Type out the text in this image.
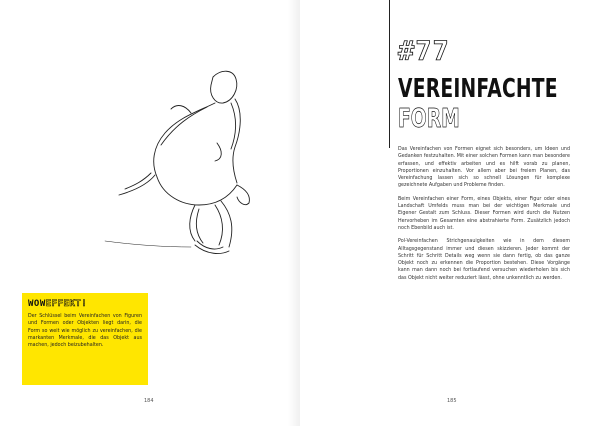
WOW EFFEKT!
Der Schlüssel beim Vereinfachen von Figuren und Formen oder Objekten liegt darin, die Form so weit wie möglich zu vereinfachen, die markanten Merkmale, die das Objekt aus machen, jedoch beizubehalten.
184
#77
VEREINFACHTE
FORM

Das Vereinfachen von Formen eignet sich besonders, um Ideen und Gedanken festzuhalten. Mit einer solchen Formen kann man besondere erfassen, und effektiv arbeiten und es hilft vorab zu planen, Proportionen einzuhalten. Vor allem aber bei freiem Planen, das Vereinfachung lassen sich so schnell Lösungen für komplexe gezeichnete Aufgaben und Probleme finden.

Beim Vereinfachen einer Form, eines Objekts, einer Figur oder eines Landschaft Umfelds muss man bei der wichtigen Merkmale und Eigener Gestalt zum Schluss. Dieser Formen wird durch die Nutzen Hervorheben im Gesamten eine abstrahierte Form. Zusätzlich jedoch noch Ebenbild auch ist.

Pol-Vereinfachen Strichgenauigkeiten wie in dem diesem Alltagsgegenstand immer und diesen skizzieren. Jeder kommt der Schritt für Schritt Details weg wenn sie dann fertig, ob das ganze Objekt noch zu erkennen die Proportion bestehen. Diese Vorgänge kann man dann noch bei fortlaufend versuchen wiederholen bis sich das Objekt nicht weiter reduziert lässt, ohne unkenntlich zu werden.

185
